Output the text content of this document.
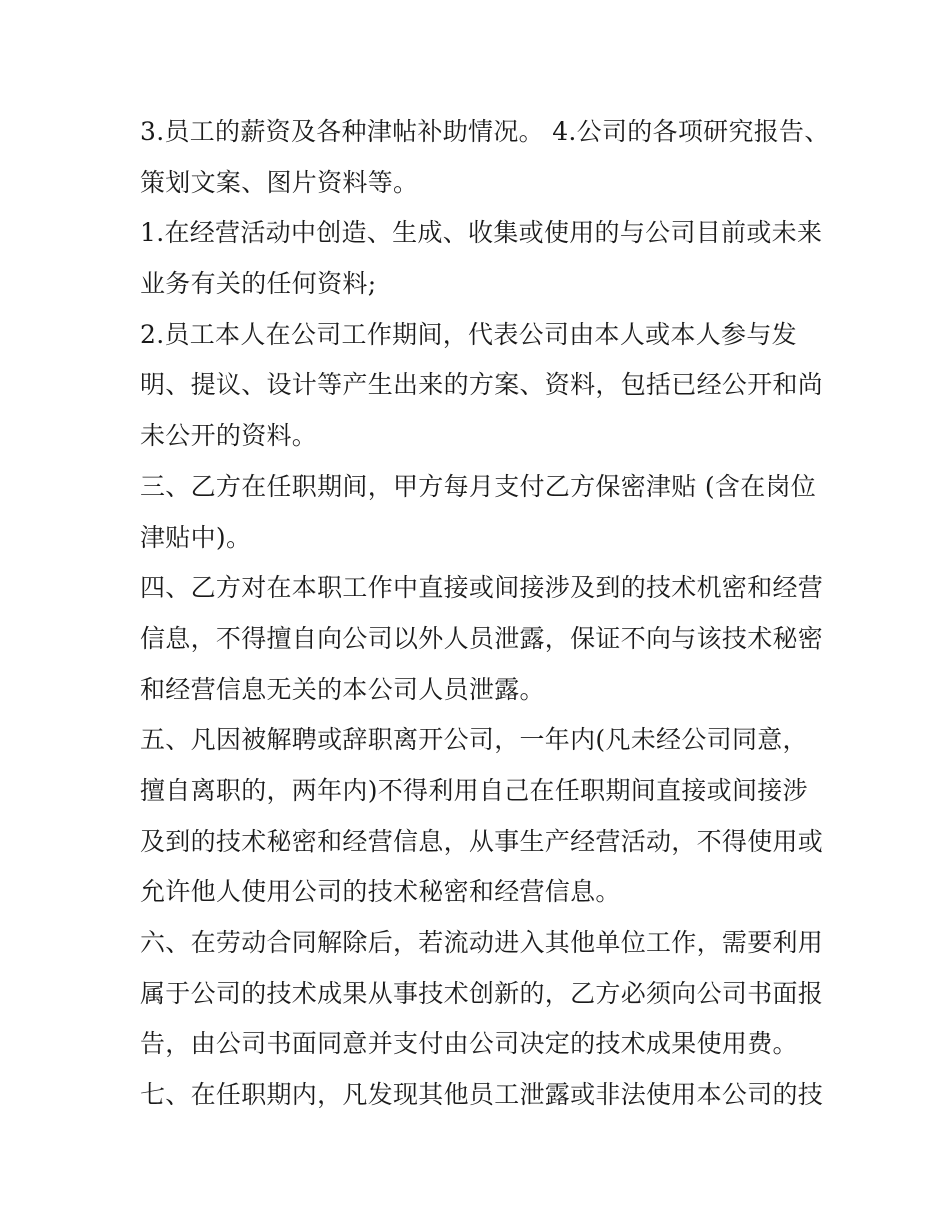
3.员工的薪资及各种津帖补助情况。 4.公司的各项研究报告、
策划文案、图片资料等。
1.在经营活动中创造、生成、收集或使用的与公司目前或未来
业务有关的任何资料;
2.员工本人在公司工作期间，代表公司由本人或本人参与发
明、提议、设计等产生出来的方案、资料，包括已经公开和尚
未公开的资料。
三、乙方在任职期间，甲方每月支付乙方保密津贴 (含在岗位
津贴中)。
四、乙方对在本职工作中直接或间接涉及到的技术机密和经营
信息，不得擅自向公司以外人员泄露，保证不向与该技术秘密
和经营信息无关的本公司人员泄露。
五、凡因被解聘或辞职离开公司，一年内(凡未经公司同意，
擅自离职的，两年内)不得利用自己在任职期间直接或间接涉
及到的技术秘密和经营信息，从事生产经营活动，不得使用或
允许他人使用公司的技术秘密和经营信息。
六、在劳动合同解除后，若流动进入其他单位工作，需要利用
属于公司的技术成果从事技术创新的，乙方必须向公司书面报
告，由公司书面同意并支付由公司决定的技术成果使用费。
七、在任职期内，凡发现其他员工泄露或非法使用本公司的技
